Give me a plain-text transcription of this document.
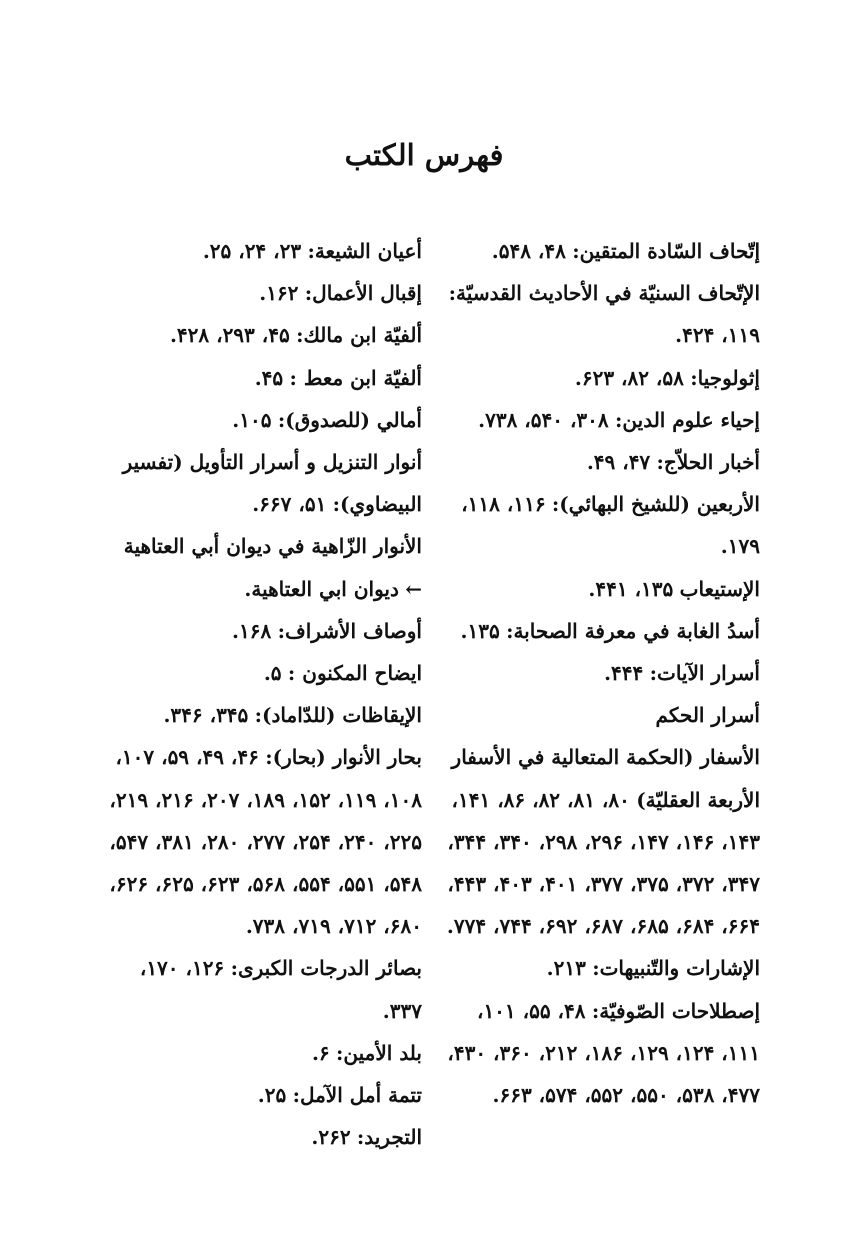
فهرس الكتب
إتّحاف السّادة المتقين: ۴۸، ۵۴۸.
الإتّحاف السنيّة في الأحاديث القدسيّة: ۱۱۹، ۴۲۴.
إثولوجيا: ۵۸، ۸۲، ۶۲۳.
إحياء علوم الدين: ۳۰۸، ۵۴۰، ۷۳۸.
أخبار الحلاّج: ۴۷، ۴۹.
الأربعين (للشيخ البهائي): ۱۱۶، ۱۱۸، ۱۷۹.
الإستيعاب ۱۳۵، ۴۴۱.
أسدُ الغابة في معرفة الصحابة: ۱۳۵.
أسرار الآيات: ۴۴۴.
أسرار الحكم
الأسفار (الحكمة المتعالية في الأسفار الأربعة العقليّة) ۸۰، ۸۱، ۸۲، ۸۶، ۱۴۱، ۱۴۳، ۱۴۶، ۱۴۷، ۲۹۶، ۲۹۸، ۳۴۰، ۳۴۴، ۳۴۷، ۳۷۲، ۳۷۵، ۳۷۷، ۴۰۱، ۴۰۳، ۴۴۳، ۶۶۴، ۶۸۴، ۶۸۵، ۶۸۷، ۶۹۲، ۷۴۴، ۷۷۴.
الإشارات والتّنبيهات: ۲۱۳.
إصطلاحات الصّوفيّة: ۴۸، ۵۵، ۱۰۱، ۱۱۱، ۱۲۴، ۱۲۹، ۱۸۶، ۲۱۲، ۳۶۰، ۴۳۰، ۴۷۷، ۵۳۸، ۵۵۰، ۵۵۲، ۵۷۴، ۶۶۳.
أعيان الشيعة: ۲۳، ۲۴، ۲۵.
إقبال الأعمال: ۱۶۲.
ألفيّة ابن مالك: ۴۵، ۲۹۳، ۴۲۸.
ألفيّة ابن معط : ۴۵.
أمالي (للصدوق): ۱۰۵.
أنوار التنزيل و أسرار التأويل (تفسير البيضاوي): ۵۱، ۶۶۷.
الأنوار الزّاهية في ديوان أبي العتاهية ← ديوان ابي العتاهية.
أوصاف الأشراف: ۱۶۸.
ايضاح المكنون : ۵.
الإيقاظات (للدّاماد): ۳۴۵، ۳۴۶.
بحار الأنوار (بحار): ۴۶، ۴۹، ۵۹، ۱۰۷، ۱۰۸، ۱۱۹، ۱۵۲، ۱۸۹، ۲۰۷، ۲۱۶، ۲۱۹، ۲۲۵، ۲۴۰، ۲۵۴، ۲۷۷، ۲۸۰، ۳۸۱، ۵۴۷، ۵۴۸، ۵۵۱، ۵۵۴، ۵۶۸، ۶۲۳، ۶۲۵، ۶۲۶، ۶۸۰، ۷۱۲، ۷۱۹، ۷۳۸.
بصائر الدرجات الكبرى: ۱۲۶، ۱۷۰، ۳۳۷.
بلد الأمين: ۶.
تتمة أمل الآمل: ۲۵.
التجريد: ۲۶۲.
